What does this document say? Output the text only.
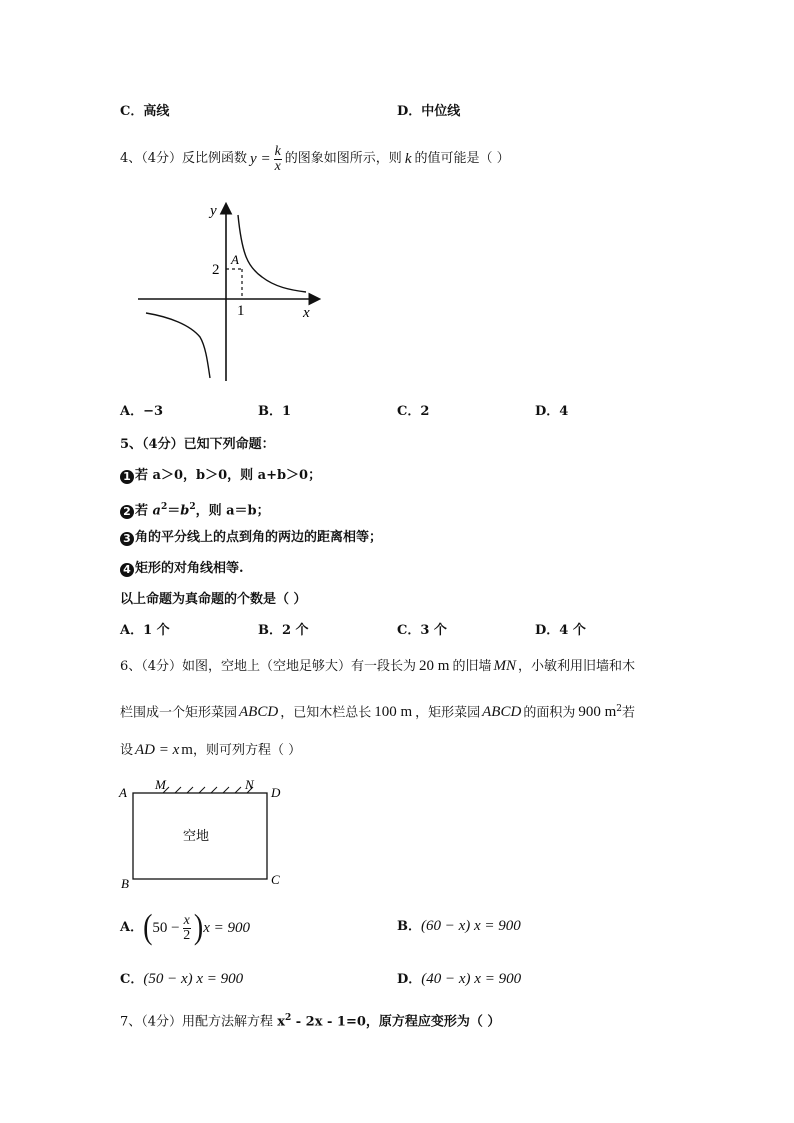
C．高线	D．中位线
4、（4分）反比例函数 $y = \frac{k}{x}$ 的图象如图所示，则 k 的值可能是（ ）
y
x
2
1
A
A．−3	B．1	C．2	D．4
5、（4分）已知下列命题：
1 若 a＞0，b＞0，则 a+b＞0；
2 若 $a^2=b^2$，则 a＝b；
3 角的平分线上的点到角的两边的距离相等；
4 矩形的对角线相等.
以上命题为真命题的个数是（ ）
A．1 个	B．2 个	C．3 个	D．4 个
6、（4分）如图，空地上（空地足够大）有一段长为 20 m 的旧墙 MN ，小敏利用旧墙和木
栏围成一个矩形菜园 ABCD ，已知木栏总长 100 m ，矩形菜园 ABCD 的面积为 900 $m^2$若
设 AD = x m，则可列方程（ ）
A
M	N
D
B	C
空地
A． ( $50 - \frac{x}{2}$ ) x = 900	B．(60 − x) x = 900
C．(50 − x) x = 900	D．(40 − x) x = 900
7、（4分）用配方法解方程 $x^2 - 2x - 1=0$，原方程应变形为（ ）
